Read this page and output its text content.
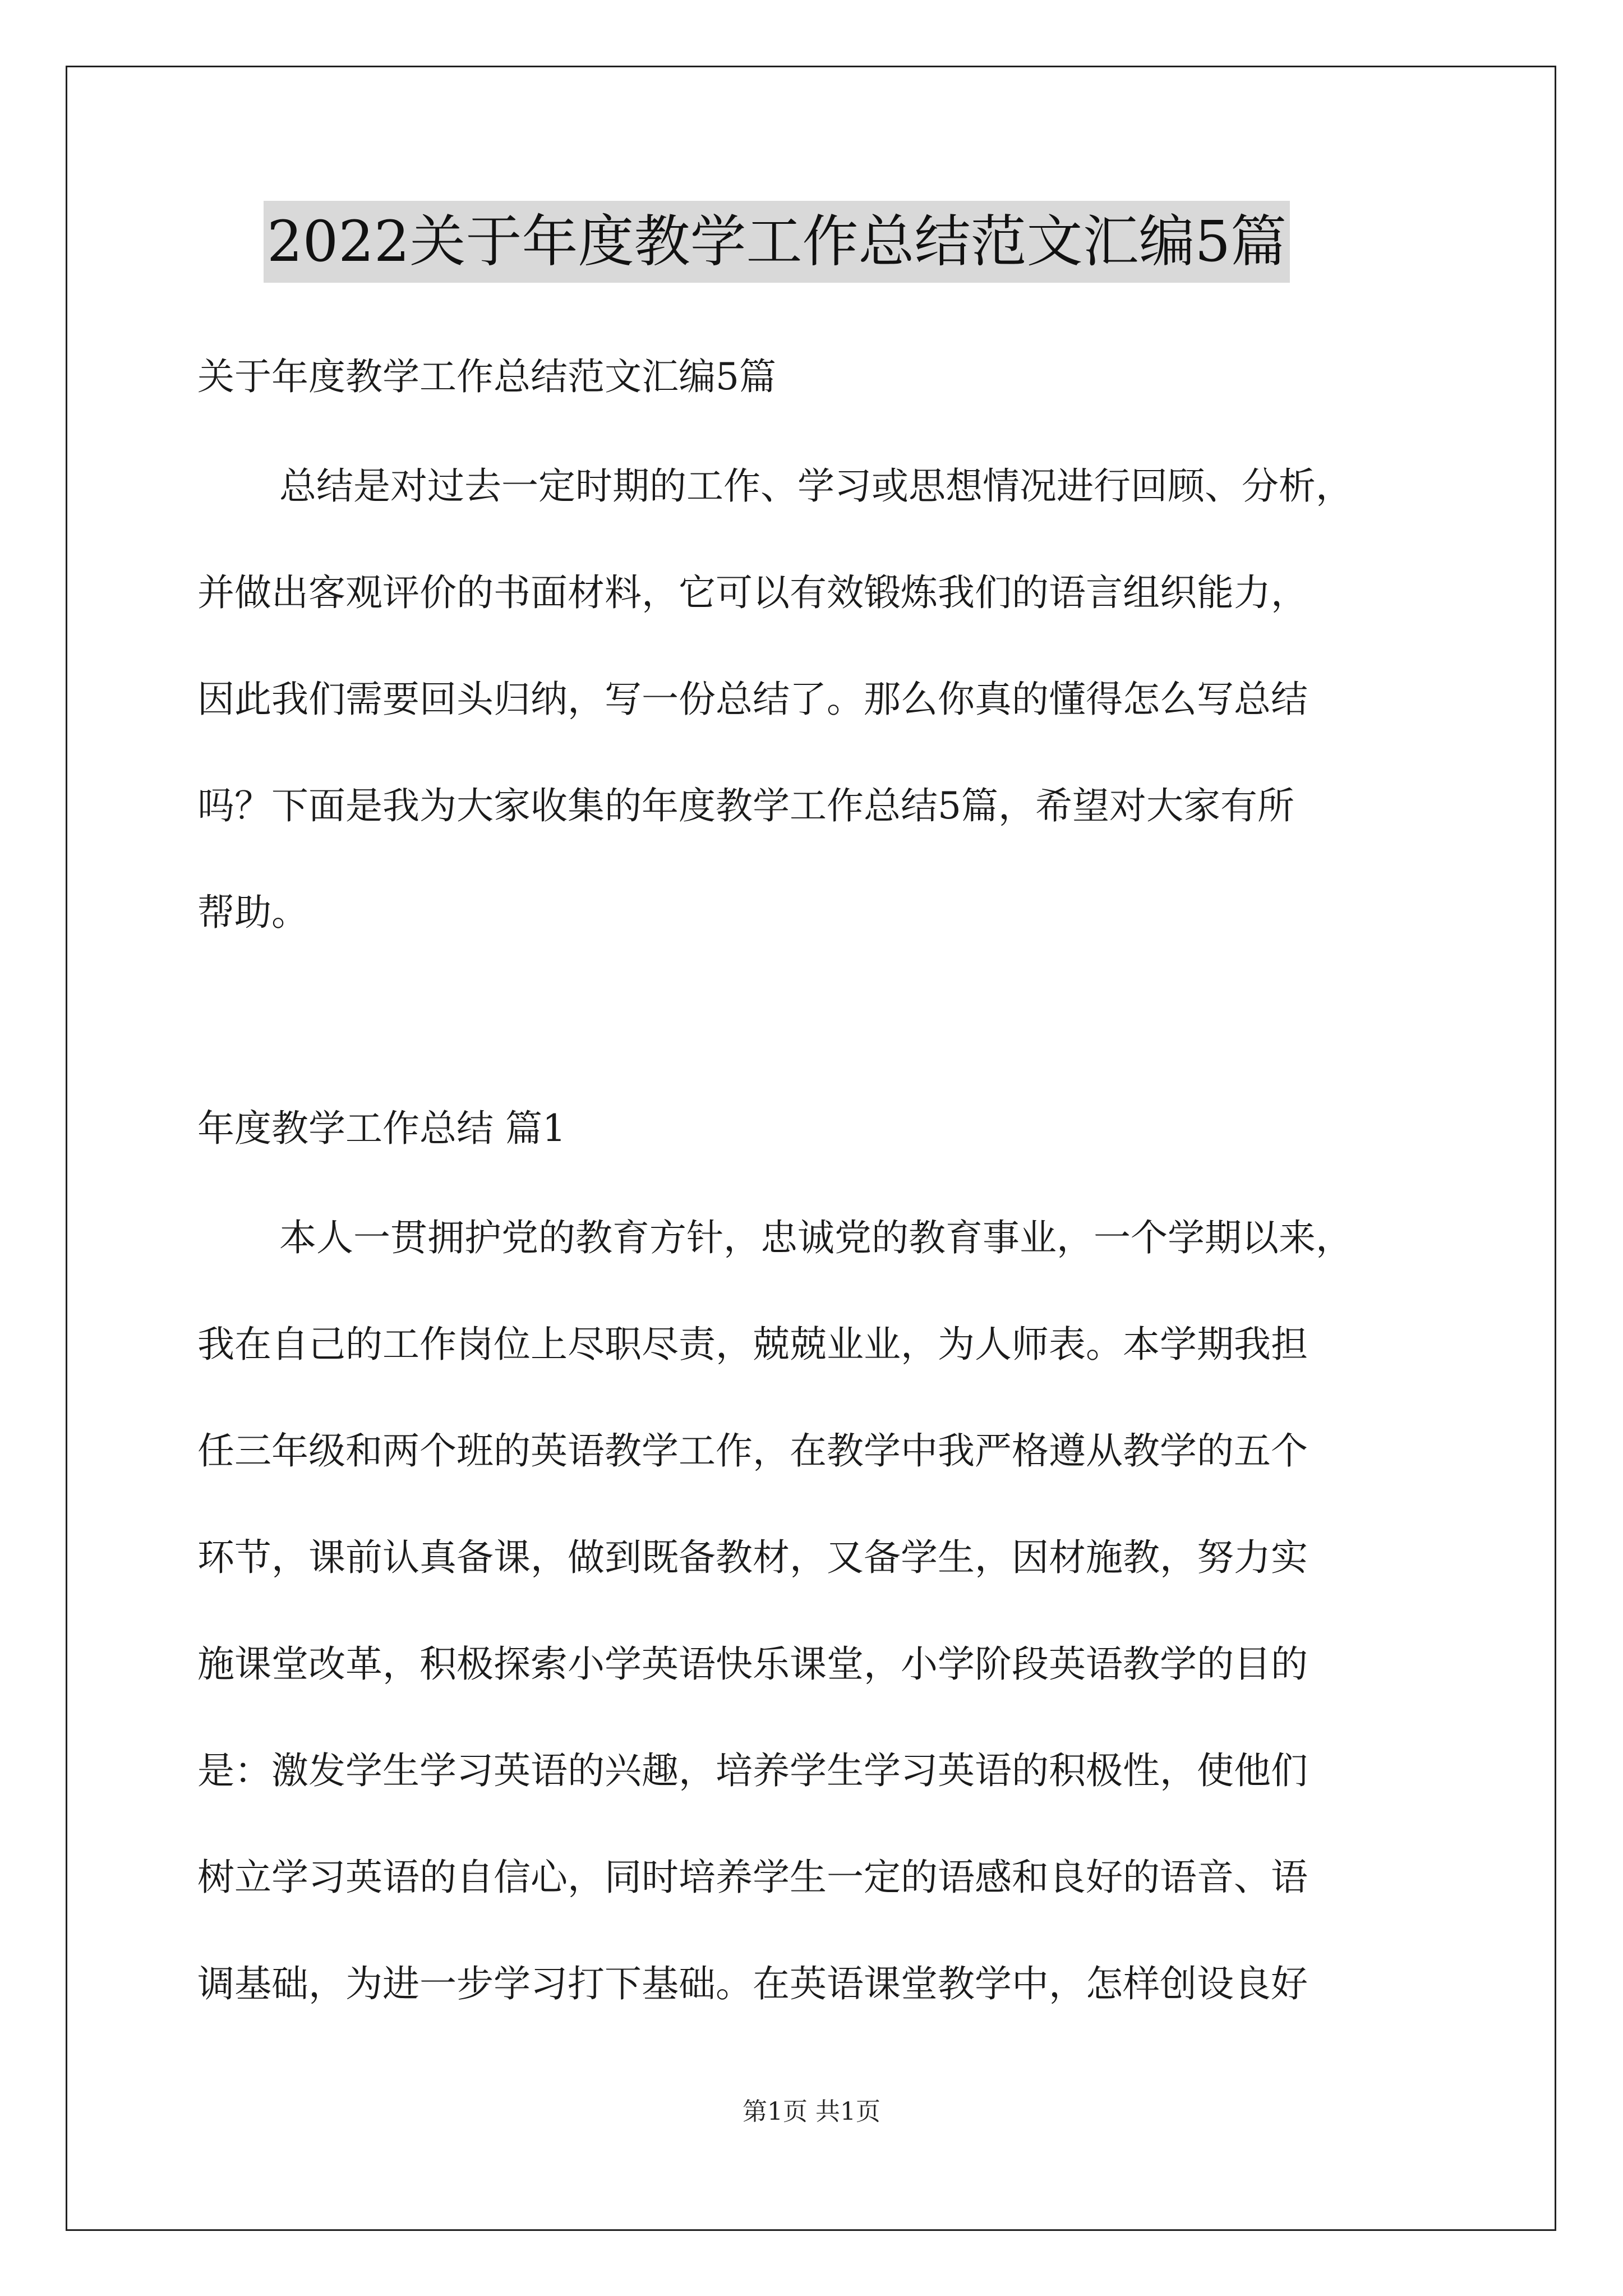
2022关于年度教学工作总结范文汇编5篇
关于年度教学工作总结范文汇编5篇
总结是对过去一定时期的工作、学习或思想情况进行回顾、分析，
并做出客观评价的书面材料，它可以有效锻炼我们的语言组织能力，
因此我们需要回头归纳，写一份总结了。那么你真的懂得怎么写总结
吗？下面是我为大家收集的年度教学工作总结5篇，希望对大家有所
帮助。
年度教学工作总结 篇1
本人一贯拥护党的教育方针，忠诚党的教育事业，一个学期以来，
我在自己的工作岗位上尽职尽责，兢兢业业，为人师表。本学期我担
任三年级和两个班的英语教学工作，在教学中我严格遵从教学的五个
环节，课前认真备课，做到既备教材，又备学生，因材施教，努力实
施课堂改革，积极探索小学英语快乐课堂，小学阶段英语教学的目的
是：激发学生学习英语的兴趣，培养学生学习英语的积极性，使他们
树立学习英语的自信心，同时培养学生一定的语感和良好的语音、语
调基础，为进一步学习打下基础。在英语课堂教学中，怎样创设良好
第1页 共1页
